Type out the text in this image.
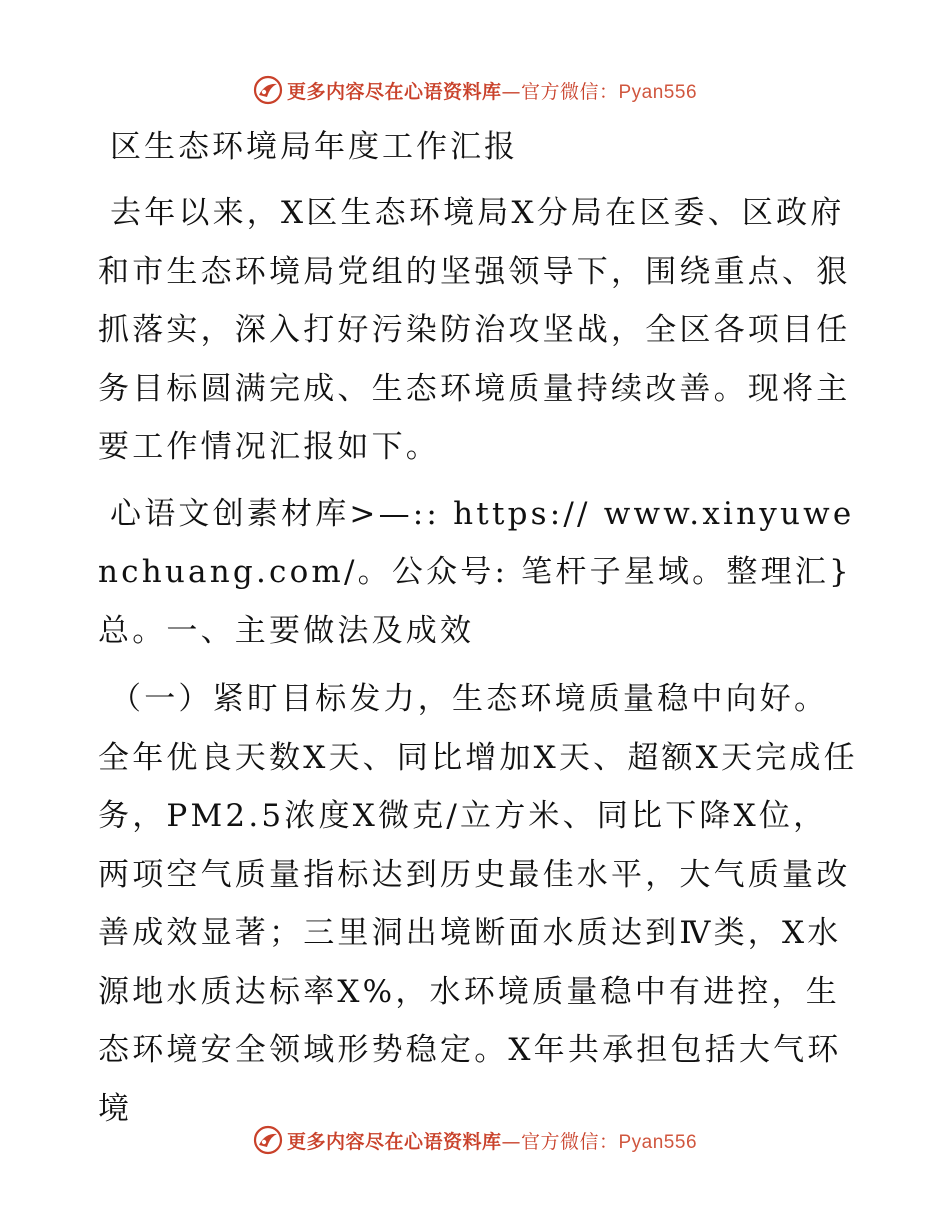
更多内容尽在心语资料库—官方微信：Pyan556
区生态环境局年度工作汇报

去年以来，X区生态环境局X分局在区委、区政府和市生态环境局党组的坚强领导下，围绕重点、狠抓落实，深入打好污染防治攻坚战，全区各项目任务目标圆满完成、生态环境质量持续改善。现将主要工作情况汇报如下。

心语文创素材库>—:: https:// www.xinyuwenchuang.com/。公众号: 笔杆子星域。整理汇}总。一、主要做法及成效

（一）紧盯目标发力，生态环境质量稳中向好。全年优良天数X天、同比增加X天、超额X天完成任务，PM2.5浓度X微克/立方米、同比下降X位，两项空气质量指标达到历史最佳水平，大气质量改善成效显著；三里洞出境断面水质达到Ⅳ类，X水源地水质达标率X%，水环境质量稳中有进控，生态环境安全领域形势稳定。X年共承担包括大气环境

更多内容尽在心语资料库—官方微信：Pyan556
